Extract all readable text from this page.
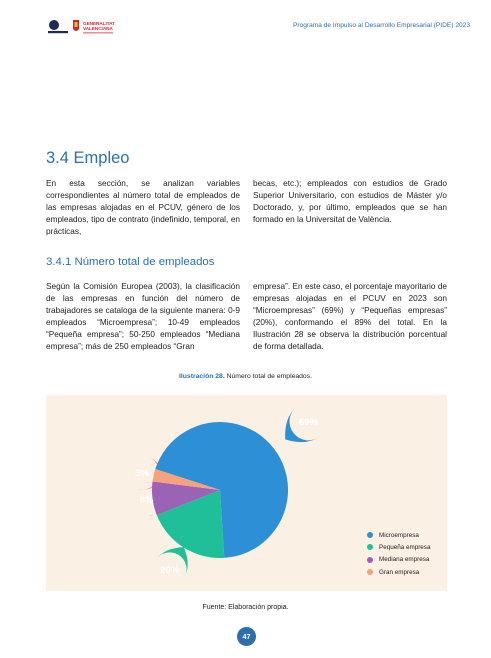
GENERALITAT
VALENCIANA	Programa de Impulso al Desarrollo Empresarial (PIDE) 2023
3.4 Empleo

En esta sección, se analizan variables correspondientes al número total de empleados de las empresas alojadas en el PCUV, género de los empleados, tipo de contrato (indefinido, temporal, en prácticas,

becas, etc.); empleados con estudios de Grado Superior Universitario, con estudios de Máster y/o Doctorado, y, por último, empleados que se han formado en la Universitat de València.

3.4.1 Número total de empleados

Según la Comisión Europea (2003), la clasificación de las empresas en función del número de trabajadores se cataloga de la siguiente manera: 0-9 empleados “Microempresa”; 10-49 empleados “Pequeña empresa”; 50-250 empleados “Mediana empresa”; más de 250 empleados “Gran

empresa”. En este caso, el porcentaje mayoritario de empresas alojadas en el PCUV en 2023 son “Microempresas” (69%) y “Pequeñas empresas” (20%), conformando el 89% del total. En la Ilustración 28 se observa la distribución porcentual de forma detallada.

Ilustración 28. Número total de empleados.
69%
20%
8%
3%
Microempresa
Pequeña empresa
Mediana empresa
Gran empresa
Fuente: Elaboración propia.
47
